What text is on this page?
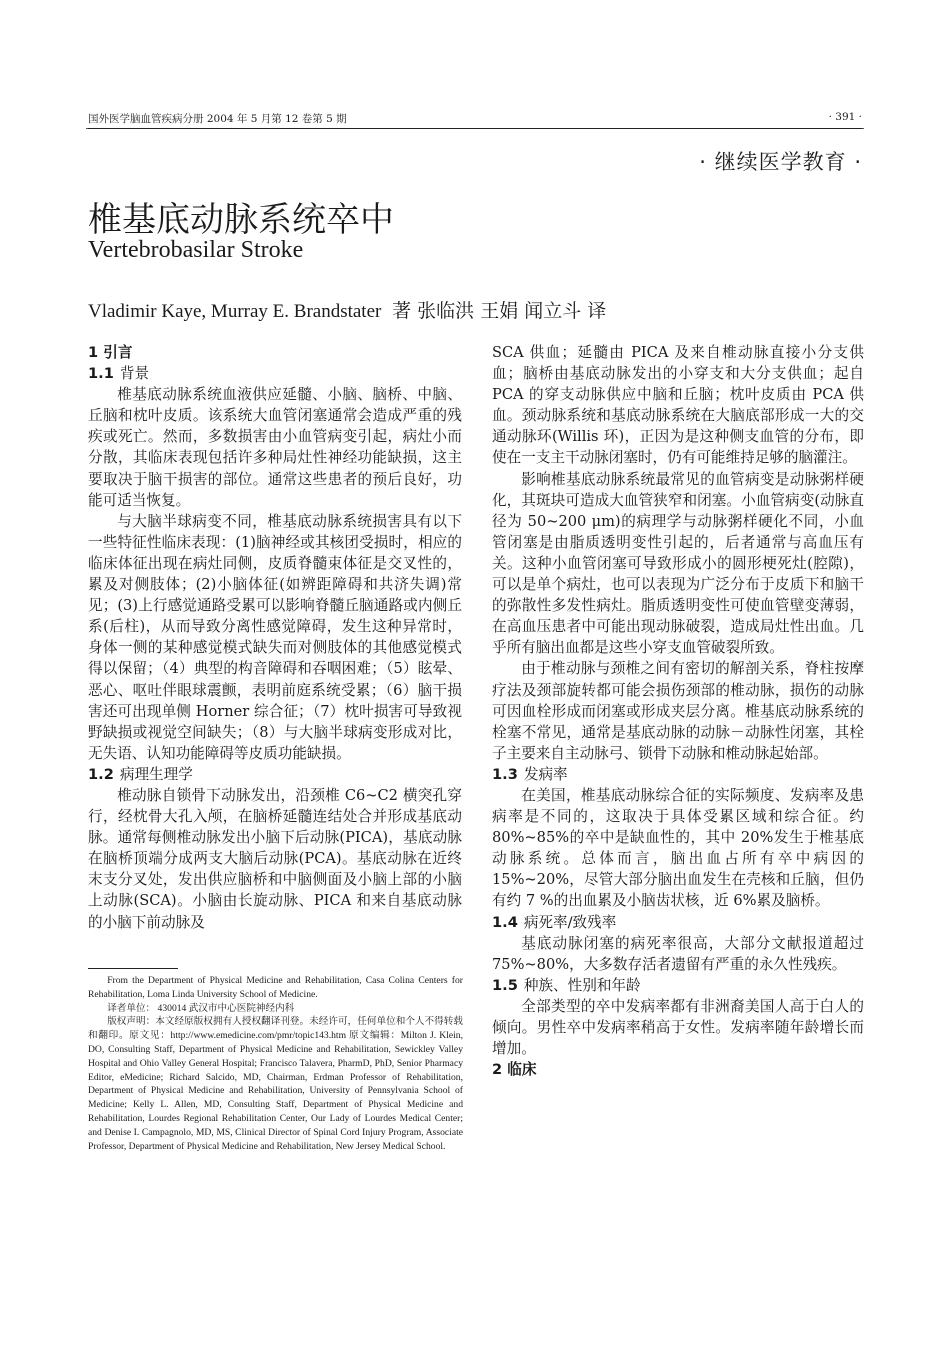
国外医学脑血管疾病分册 2004 年 5 月第 12 卷第 5 期	· 391 ·
· 继续医学教育 ·
椎基底动脉系统卒中
Vertebrobasilar Stroke
Vladimir Kaye, Murray E. Brandstater 著 张临洪 王娟 闻立斗 译

1 引言

1.1 背景

椎基底动脉系统血液供应延髓、小脑、脑桥、中脑、丘脑和枕叶皮质。该系统大血管闭塞通常会造成严重的残疾或死亡。然而，多数损害由小血管病变引起，病灶小而分散，其临床表现包括许多种局灶性神经功能缺损，这主要取决于脑干损害的部位。通常这些患者的预后良好，功能可适当恢复。

与大脑半球病变不同，椎基底动脉系统损害具有以下一些特征性临床表现：(1)脑神经或其核团受损时，相应的临床体征出现在病灶同侧，皮质脊髓束体征是交叉性的，累及对侧肢体；(2)小脑体征(如辨距障碍和共济失调)常见；(3)上行感觉通路受累可以影响脊髓丘脑通路或内侧丘系(后柱)，从而导致分离性感觉障碍，发生这种异常时，身体一侧的某种感觉模式缺失而对侧肢体的其他感觉模式得以保留；（4）典型的构音障碍和吞咽困难；（5）眩晕、恶心、呕吐伴眼球震颤，表明前庭系统受累；（6）脑干损害还可出现单侧 Horner 综合征；（7）枕叶损害可导致视野缺损或视觉空间缺失；（8）与大脑半球病变形成对比，无失语、认知功能障碍等皮质功能缺损。

1.2 病理生理学

椎动脉自锁骨下动脉发出，沿颈椎 C6~C2 横突孔穿行，经枕骨大孔入颅，在脑桥延髓连结处合并形成基底动脉。通常每侧椎动脉发出小脑下后动脉(PICA)，基底动脉在脑桥顶端分成两支大脑后动脉(PCA)。基底动脉在近终末支分叉处，发出供应脑桥和中脑侧面及小脑上部的小脑上动脉(SCA)。小脑由长旋动脉、PICA 和来自基底动脉的小脑下前动脉及

From the Department of Physical Medicine and Rehabilitation, Casa Colina Centers for Rehabilitation, Loma Linda University School of Medicine.

译者单位： 430014 武汉市中心医院神经内科

版权声明：本文经原版权拥有人授权翻译刊登。未经许可，任何单位和个人不得转载和翻印。原文见：http://www.emedicine.com/pmr/topic143.htm 原文编辑：Milton J. Klein, DO, Consulting Staff, Department of Physical Medicine and Rehabilitation, Sewickley Valley Hospital and Ohio Valley General Hospital; Francisco Talavera, PharmD, PhD, Senior Pharmacy Editor, eMedicine; Richard Salcido, MD, Chairman, Erdman Professor of Rehabilitation, Department of Physical Medicine and Rehabilitation, University of Pennsylvania School of Medicine; Kelly L. Allen, MD, Consulting Staff, Department of Physical Medicine and Rehabilitation, Lourdes Regional Rehabilitation Center, Our Lady of Lourdes Medical Center; and Denise I. Campagnolo, MD, MS, Clinical Director of Spinal Cord Injury Program, Associate Professor, Department of Physical Medicine and Rehabilitation, New Jersey Medical School.

SCA 供血；延髓由 PICA 及来自椎动脉直接小分支供血；脑桥由基底动脉发出的小穿支和大分支供血；起自 PCA 的穿支动脉供应中脑和丘脑；枕叶皮质由 PCA 供血。颈动脉系统和基底动脉系统在大脑底部形成一大的交通动脉环(Willis 环)，正因为是这种侧支血管的分布，即使在一支主干动脉闭塞时，仍有可能维持足够的脑灌注。

影响椎基底动脉系统最常见的血管病变是动脉粥样硬化，其斑块可造成大血管狭窄和闭塞。小血管病变(动脉直径为 50~200 μm)的病理学与动脉粥样硬化不同，小血管闭塞是由脂质透明变性引起的，后者通常与高血压有关。这种小血管闭塞可导致形成小的圆形梗死灶(腔隙)，可以是单个病灶，也可以表现为广泛分布于皮质下和脑干的弥散性多发性病灶。脂质透明变性可使血管壁变薄弱，在高血压患者中可能出现动脉破裂，造成局灶性出血。几乎所有脑出血都是这些小穿支血管破裂所致。

由于椎动脉与颈椎之间有密切的解剖关系，脊柱按摩疗法及颈部旋转都可能会损伤颈部的椎动脉，损伤的动脉可因血栓形成而闭塞或形成夹层分离。椎基底动脉系统的栓塞不常见，通常是基底动脉的动脉－动脉性闭塞，其栓子主要来自主动脉弓、锁骨下动脉和椎动脉起始部。

1.3 发病率

在美国，椎基底动脉综合征的实际频度、发病率及患病率是不同的，这取决于具体受累区域和综合征。约 80%~85%的卒中是缺血性的，其中 20%发生于椎基底动脉系统。总体而言，脑出血占所有卒中病因的 15%~20%，尽管大部分脑出血发生在壳核和丘脑，但仍有约 7 %的出血累及小脑齿状核，近 6%累及脑桥。

1.4 病死率/致残率

基底动脉闭塞的病死率很高，大部分文献报道超过 75%~80%，大多数存活者遗留有严重的永久性残疾。

1.5 种族、性别和年龄

全部类型的卒中发病率都有非洲裔美国人高于白人的倾向。男性卒中发病率稍高于女性。发病率随年龄增长而增加。

2 临床
